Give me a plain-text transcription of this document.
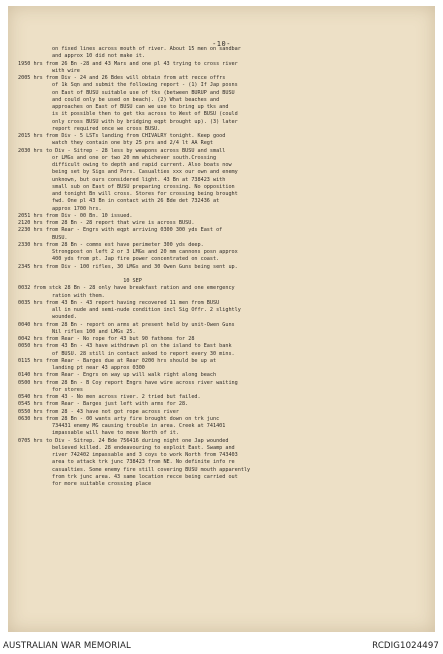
-10-
on fixed lines across mouth of river. About 15 men on sandbar
and approx 10 did not make it.
1950 hrs from 26 Bn -28 and 43 Mars and one pl 43 trying to cross river
with wire
2005 hrs from Div - 24 and 26 Bdes will obtain from att recce offrs
of 1k Sqn and submit the following report - (1) If Jap posns
on East of BUSU suitable use of tks (between BURUP and BUSU
and could only be used on beach). (2) What beaches and
approaches on East of BUSU can we use to bring up tks and
is it possible then to get tks across to West of BUSU (could
only cross BUSU with by bridging eqpt brought up). (3) later
report required once we cross BUSU.
2015 hrs from Div - 5 LSTs landing from CHIVALRY tonight. Keep good
watch they contain one bty 25 prs and 2/4 lt AA Regt
2030 hrs to Div - Sitrep - 28 less by weapons across BUSU and small
or LMGs and one or two 20 mm whichever south.Crossing
difficult owing to depth and rapid current. Also boats now
being set by Sigs and Pnrs. Casualties xxx our own and enemy
unknown, but ours considered light. 43 Bn at 738423 with
small sub on East of BUSU preparing crossing. No opposition
and tonight Bn will cross. Stores for crossing being brought
fwd. One pl 43 Bn in contact with 26 Bde det 732436 at
approx 1700 hrs.
2051 hrs from Div - 00 Bn. 10 issued.
2120 hrs from 28 Bn - 28 report that wire is across BUSU.
2230 hrs from Rear - Engrs with eqpt arriving 0300 300 yds East of
BUSU.
2330 hrs from 28 Bn - comms est have perimeter 300 yds deep.
Strongpost on left 2 or 3 LMGs and 20 mm cannons posn approx
400 yds from pt. Jap fire power concentrated on coast.
2345 hrs from Div - 100 rifles, 30 LMGs and 30 Owen Guns being sent up.
10 SEP
0032 from stck 28 Bn - 28 only have breakfast ration and one emergency
ration with them.
0035 hrs from 43 Bn - 43 report having recovered 11 men from BUSU
all in nude and semi-nude condition incl Sig Offr. 2 slightly
wounded.
0040 hrs from 28 Bn - report on arms at present held by unit-Owen Guns
Nil rifles 100 and LMGs 25.
0042 hrs from Rear - No rope for 43 but 90 fathoms for 28
0050 hrs from 43 Bn - 43 have withdrawn pl on the island to East bank
of BUSU. 28 still in contact asked to report every 30 mins.
0115 hrs from Rear - Barges due at Rear 0200 hrs should be up at
landing pt near 43 approx 0300
0140 hrs from Rear - Engrs on way up will walk right along beach
0500 hrs from 28 Bn - B Coy report Engrs have wire across river waiting
for stores
0540 hrs from 43 - No men across river. 2 tried but failed.
0545 hrs from Rear - Barges just left with arms for 28.
0550 hrs from 28 - 43 have not got rope across river
0630 hrs from 28 Bn - 00 wants arty fire brought down on trk junc
734431 enemy MG causing trouble in area. Creek at 741401
impassable will have to move North of it.
0705 hrs to Div - Sitrep. 24 Bde 756416 during night one Jap wounded
believed killed. 28 endeavouring to exploit East. Swamp and
river 742402 impassable and 3 coys to work North from 743403
area to attack trk junc 738423 from NE. No definite info re
casualties. Some enemy fire still covering BUSU mouth apparently
from trk junc area. 43 same location recce being carried out
for more suitable crossing place
AUSTRALIAN WAR MEMORIAL	RCDIG1024497
